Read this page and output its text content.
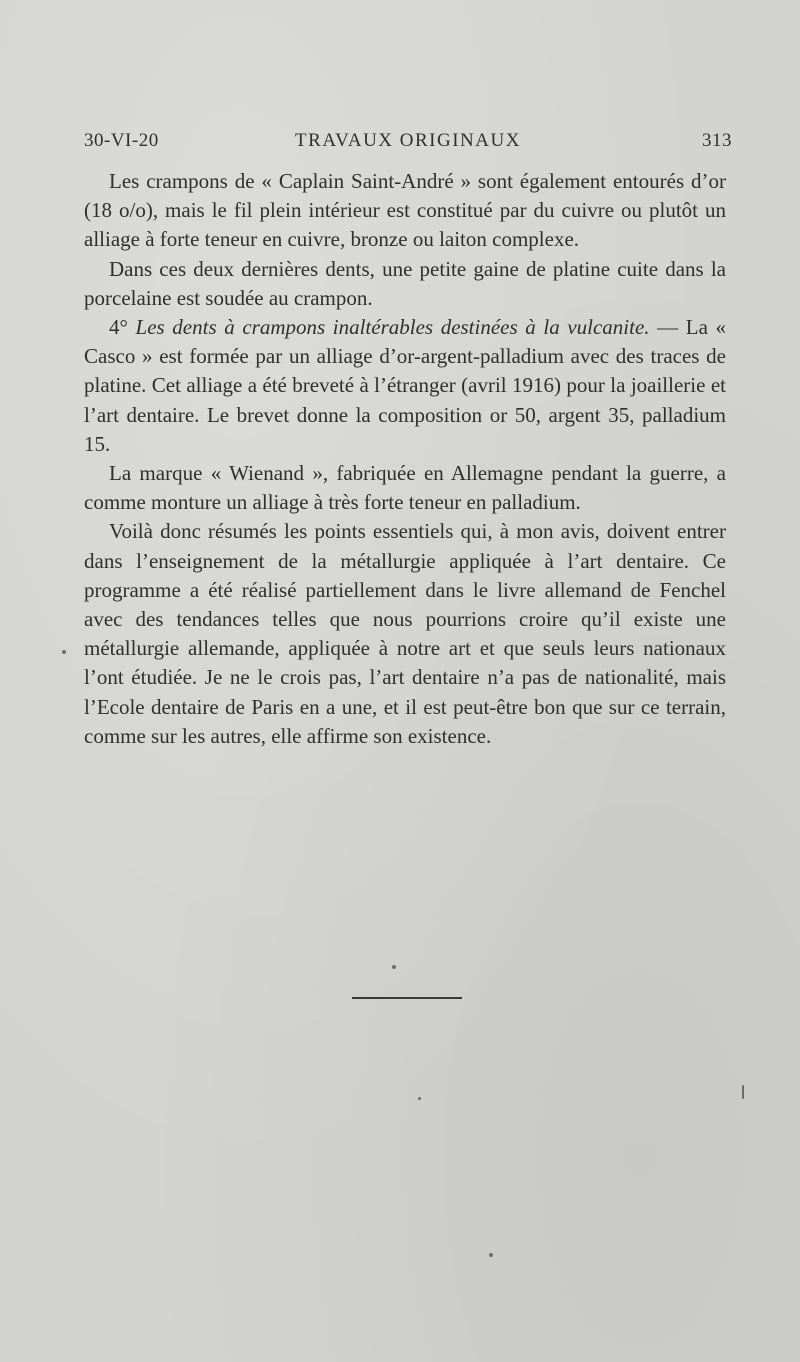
30-VI-20	TRAVAUX ORIGINAUX	313

Les crampons de « Caplain Saint-André » sont également entourés d’or (18 o/o), mais le fil plein intérieur est constitué par du cuivre ou plutôt un alliage à forte teneur en cuivre, bronze ou laiton complexe.

Dans ces deux dernières dents, une petite gaine de platine cuite dans la porcelaine est soudée au crampon.

4° Les dents à crampons inaltérables destinées à la vulcanite. — La « Casco » est formée par un alliage d’or-argent-palladium avec des traces de platine. Cet alliage a été breveté à l’étranger (avril 1916) pour la joaillerie et l’art dentaire. Le brevet donne la composition or 50, argent 35, palladium 15.

La marque « Wienand », fabriquée en Allemagne pendant la guerre, a comme monture un alliage à très forte teneur en palladium.

Voilà donc résumés les points essentiels qui, à mon avis, doivent entrer dans l’enseignement de la métallurgie appliquée à l’art dentaire. Ce programme a été réalisé partiellement dans le livre allemand de Fenchel avec des tendances telles que nous pourrions croire qu’il existe une métallurgie allemande, appliquée à notre art et que seuls leurs nationaux l’ont étudiée. Je ne le crois pas, l’art dentaire n’a pas de nationalité, mais l’Ecole dentaire de Paris en a une, et il est peut-être bon que sur ce terrain, comme sur les autres, elle affirme son existence.
